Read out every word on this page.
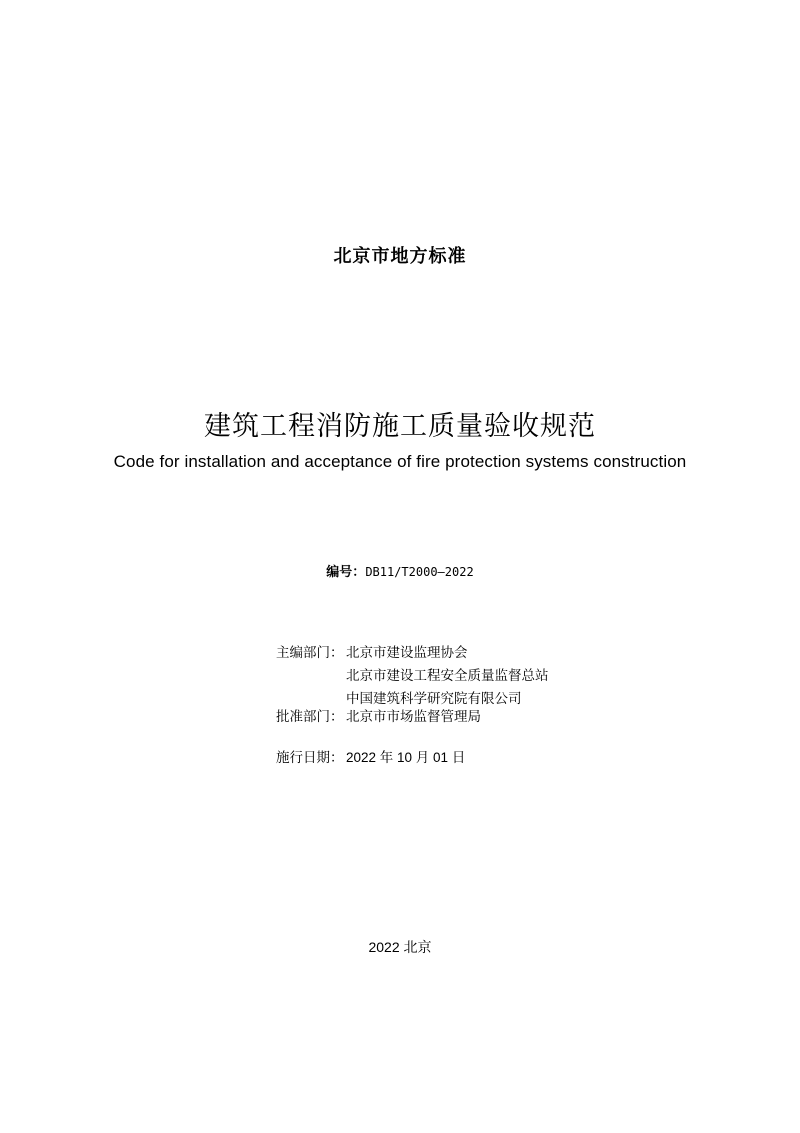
北京市地方标准
建筑工程消防施工质量验收规范
Code for installation and acceptance of fire protection systems construction
编号：DB11/T2000—2022
主编部门： 北京市建设监理协会
北京市建设工程安全质量监督总站
中国建筑科学研究院有限公司
批准部门： 北京市市场监督管理局
施行日期： 2022 年 10 月 01 日
2022 北京
